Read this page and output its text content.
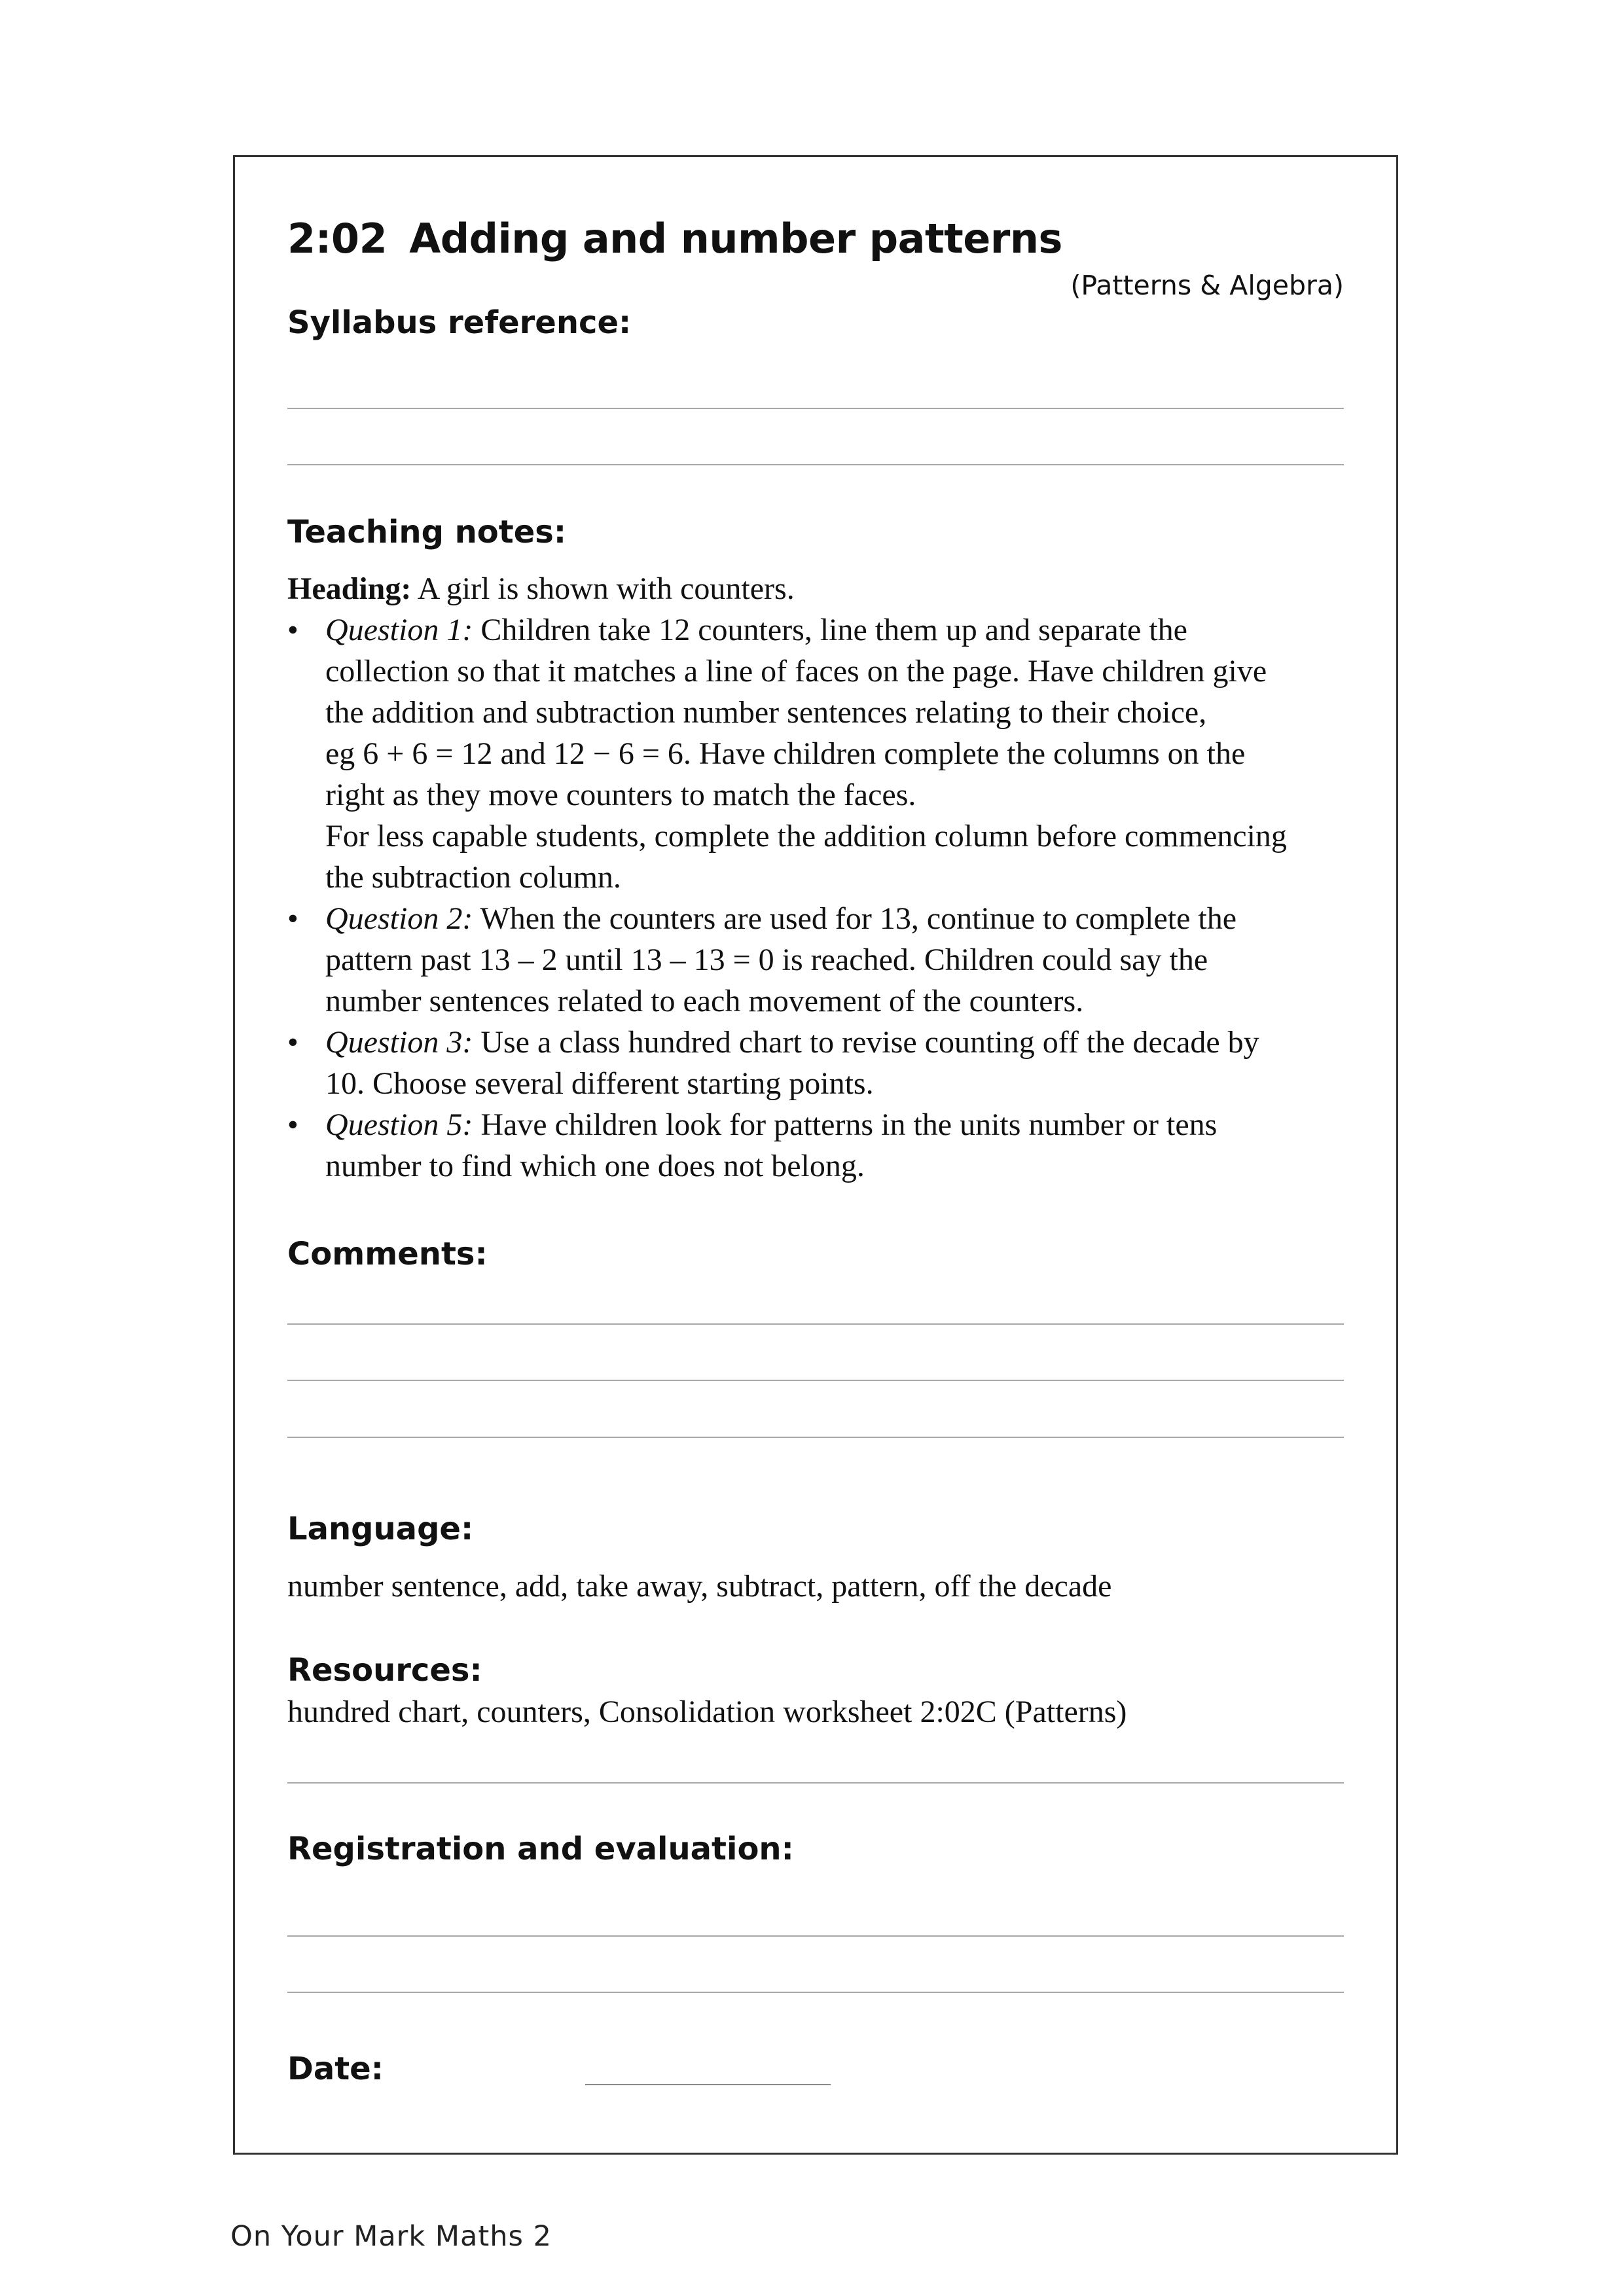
2:02 Adding and number patterns
(Patterns & Algebra)
Syllabus reference:
Teaching notes:
Heading: A girl is shown with counters.
• Question 1: Children take 12 counters, line them up and separate the
collection so that it matches a line of faces on the page. Have children give
the addition and subtraction number sentences relating to their choice,
eg 6 + 6 = 12 and 12 − 6 = 6. Have children complete the columns on the
right as they move counters to match the faces.
For less capable students, complete the addition column before commencing
the subtraction column.
• Question 2: When the counters are used for 13, continue to complete the
pattern past 13 – 2 until 13 – 13 = 0 is reached. Children could say the
number sentences related to each movement of the counters.
• Question 3: Use a class hundred chart to revise counting off the decade by
10. Choose several different starting points.
• Question 5: Have children look for patterns in the units number or tens
number to find which one does not belong.
Comments:
Language:
number sentence, add, take away, subtract, pattern, off the decade
Resources:
hundred chart, counters, Consolidation worksheet 2:02C (Patterns)
Registration and evaluation:
Date:
On Your Mark Maths 2
